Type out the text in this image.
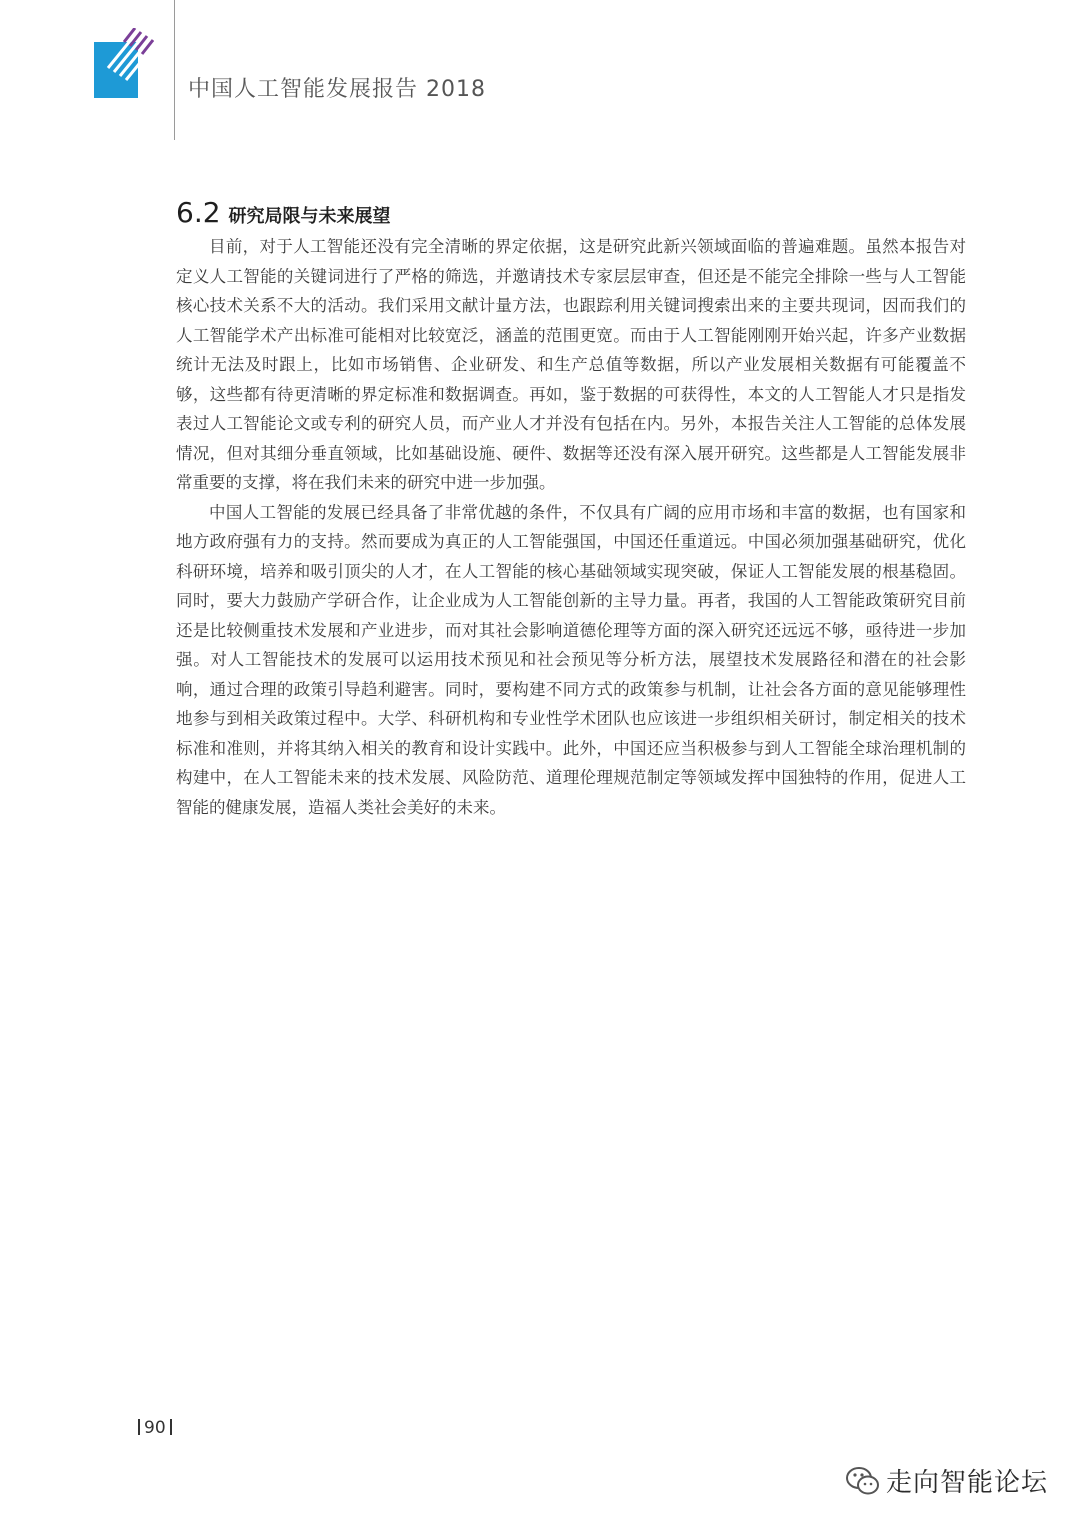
中国人工智能发展报告 2018
6.2 研究局限与未来展望

目前，对于人工智能还没有完全清晰的界定依据，这是研究此新兴领域面临的普遍难题。虽然本报告对定义人工智能的关键词进行了严格的筛选，并邀请技术专家层层审查，但还是不能完全排除一些与人工智能核心技术关系不大的活动。我们采用文献计量方法，也跟踪利用关键词搜索出来的主要共现词，因而我们的人工智能学术产出标准可能相对比较宽泛，涵盖的范围更宽。而由于人工智能刚刚开始兴起，许多产业数据统计无法及时跟上，比如市场销售、企业研发、和生产总值等数据，所以产业发展相关数据有可能覆盖不够，这些都有待更清晰的界定标准和数据调查。再如，鉴于数据的可获得性，本文的人工智能人才只是指发表过人工智能论文或专利的研究人员，而产业人才并没有包括在内。另外，本报告关注人工智能的总体发展情况，但对其细分垂直领域，比如基础设施、硬件、数据等还没有深入展开研究。这些都是人工智能发展非常重要的支撑，将在我们未来的研究中进一步加强。

中国人工智能的发展已经具备了非常优越的条件，不仅具有广阔的应用市场和丰富的数据，也有国家和地方政府强有力的支持。然而要成为真正的人工智能强国，中国还任重道远。中国必须加强基础研究，优化科研环境，培养和吸引顶尖的人才，在人工智能的核心基础领域实现突破，保证人工智能发展的根基稳固。同时，要大力鼓励产学研合作，让企业成为人工智能创新的主导力量。再者，我国的人工智能政策研究目前还是比较侧重技术发展和产业进步，而对其社会影响道德伦理等方面的深入研究还远远不够，亟待进一步加强。对人工智能技术的发展可以运用技术预见和社会预见等分析方法，展望技术发展路径和潜在的社会影响，通过合理的政策引导趋利避害。同时，要构建不同方式的政策参与机制，让社会各方面的意见能够理性地参与到相关政策过程中。大学、科研机构和专业性学术团队也应该进一步组织相关研讨，制定相关的技术标准和准则，并将其纳入相关的教育和设计实践中。此外，中国还应当积极参与到人工智能全球治理机制的构建中，在人工智能未来的技术发展、风险防范、道理伦理规范制定等领域发挥中国独特的作用，促进人工智能的健康发展，造福人类社会美好的未来。

90
走向智能论坛
